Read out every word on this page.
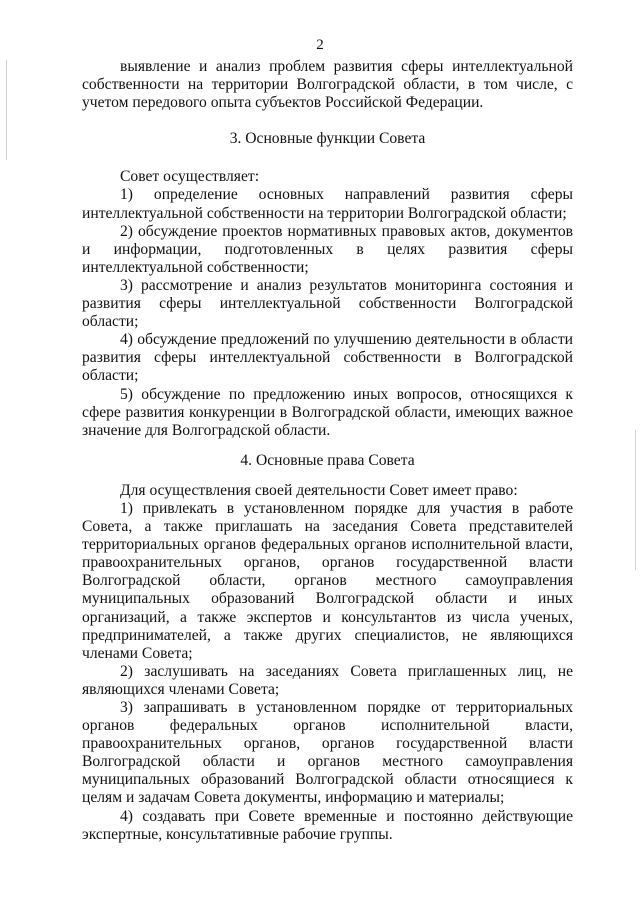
2

выявление и анализ проблем развития сферы интеллектуальной собственности на территории Волгоградской области, в том числе, с учетом передового опыта субъектов Российской Федерации.

3. Основные функции Совета

Совет осуществляет:

1) определение основных направлений развития сферы интеллектуальной собственности на территории Волгоградской области;

2) обсуждение проектов нормативных правовых актов, документов и информации, подготовленных в целях развития сферы интеллектуальной собственности;

3) рассмотрение и анализ результатов мониторинга состояния и развития сферы интеллектуальной собственности Волгоградской области;

4) обсуждение предложений по улучшению деятельности в области развития сферы интеллектуальной собственности в Волгоградской области;

5) обсуждение по предложению иных вопросов, относящихся к сфере развития конкуренции в Волгоградской области, имеющих важное значение для Волгоградской области.

4. Основные права Совета

Для осуществления своей деятельности Совет имеет право:

1) привлекать в установленном порядке для участия в работе Совета, а также приглашать на заседания Совета представителей территориальных органов федеральных органов исполнительной власти, правоохранительных органов, органов государственной власти Волгоградской области, органов местного самоуправления муниципальных образований Волгоградской области и иных организаций, а также экспертов и консультантов из числа ученых, предпринимателей, а также других специалистов, не являющихся членами Совета;

2) заслушивать на заседаниях Совета приглашенных лиц, не являющихся членами Совета;

3) запрашивать в установленном порядке от территориальных органов федеральных органов исполнительной власти, правоохранительных органов, органов государственной власти Волгоградской области и органов местного самоуправления муниципальных образований Волгоградской области относящиеся к целям и задачам Совета документы, информацию и материалы;

4) создавать при Совете временные и постоянно действующие экспертные, консультативные рабочие группы.
